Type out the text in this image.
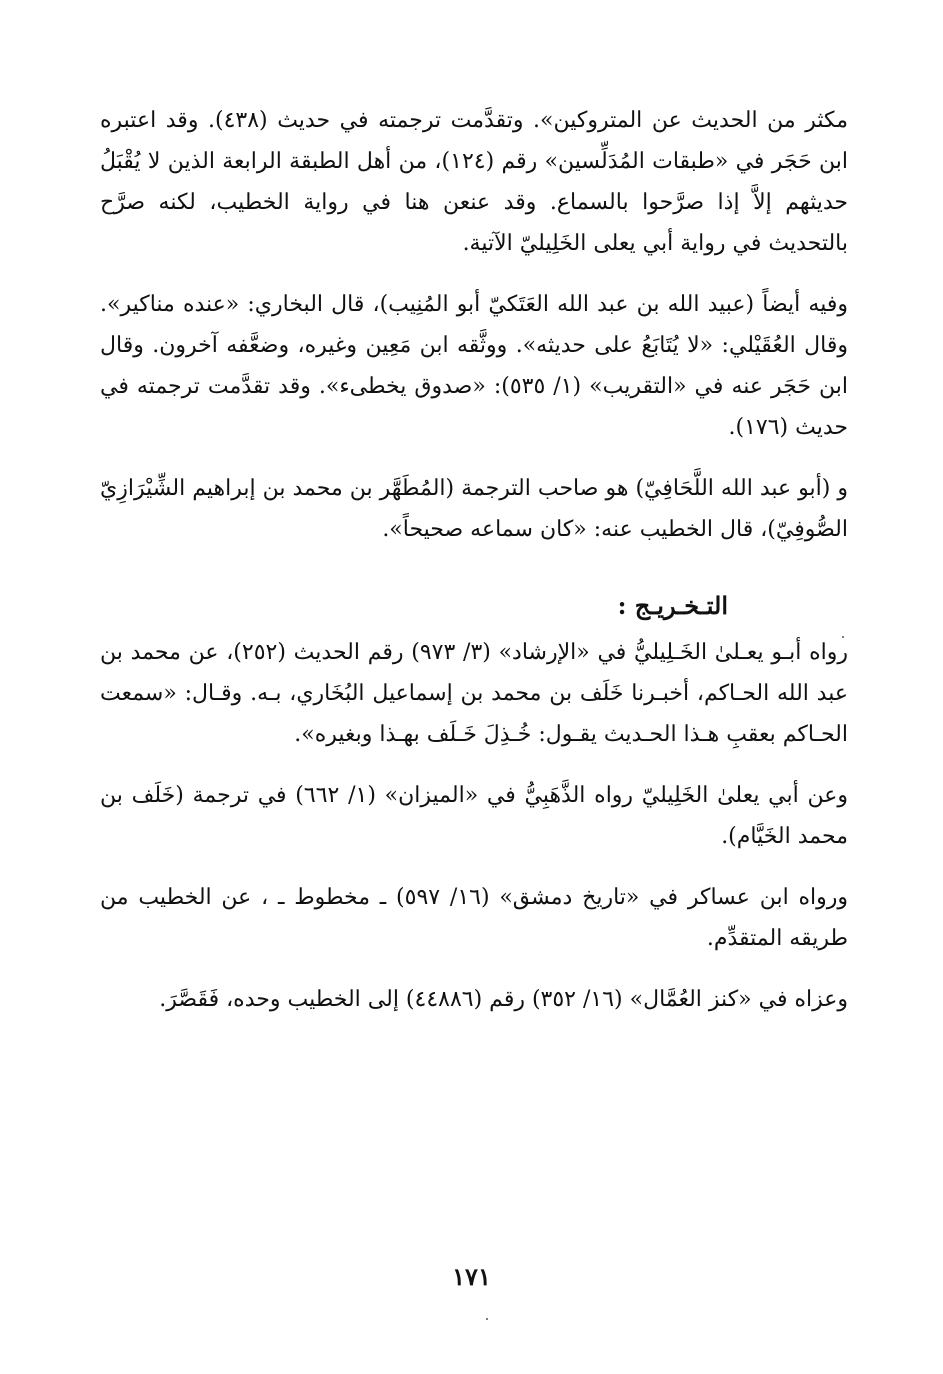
مكثر من الحديث عن المتروكين». وتقدَّمت ترجمته في حديث (٤٣٨). وقد اعتبره ابن حَجَر في «طبقات المُدَلِّسين» رقم (١٢٤)، من أهل الطبقة الرابعة الذين لا يُقْبَلُ حديثهم إلاَّ إذا صرَّحوا بالسماع. وقد عنعن هنا في رواية الخطيب، لكنه صرَّح بالتحديث في رواية أبي يعلى الخَلِيليّ الآتية.

وفيه أيضاً (عبيد الله بن عبد الله العَتَكيّ أبو المُنِيب)، قال البخاري: «عنده مناكير». وقال العُقَيْلي: «لا يُتَابَعُ على حديثه». ووثَّقه ابن مَعِين وغيره، وضعَّفه آخرون. وقال ابن حَجَر عنه في «التقريب» (١/ ٥٣٥): «صدوق يخطىء». وقد تقدَّمت ترجمته في حديث (١٧٦).

و (أبو عبد الله اللَّحَافِيّ) هو صاحب الترجمة (المُطَهَّر بن محمد بن إبراهيم الشِّيْرَازِيّ الصُّوفِيّ)، قال الخطيب عنه: «كان سماعه صحيحاً».

التـخـريـج :

رواه أبـو يعـلىٰ الخَـلِيليُّ في «الإرشاد» (٣/ ٩٧٣) رقم الحديث (٢٥٢)، عن محمد بن عبد الله الحـاكم، أخبـرنا خَلَف بن محمد بن إسماعيل البُخَاري، بـه. وقـال: «سمعت الحـاكم بعقبِ هـذا الحـديث يقـول: خُـذِلَ خَـلَف بهـذا وبغيره».

وعن أبي يعلىٰ الخَلِيليّ رواه الذَّهَبِيُّ في «الميزان» (١/ ٦٦٢) في ترجمة (خَلَف بن محمد الخَيَّام).

ورواه ابن عساكر في «تاريخ دمشق» (١٦/ ٥٩٧) ـ مخطوط ـ ، عن الخطيب من طريقه المتقدِّم.

وعزاه في «كنز العُمَّال» (١٦/ ٣٥٢) رقم (٤٤٨٨٦) إلى الخطيب وحده، فَقَصَّرَ.

١٧١
